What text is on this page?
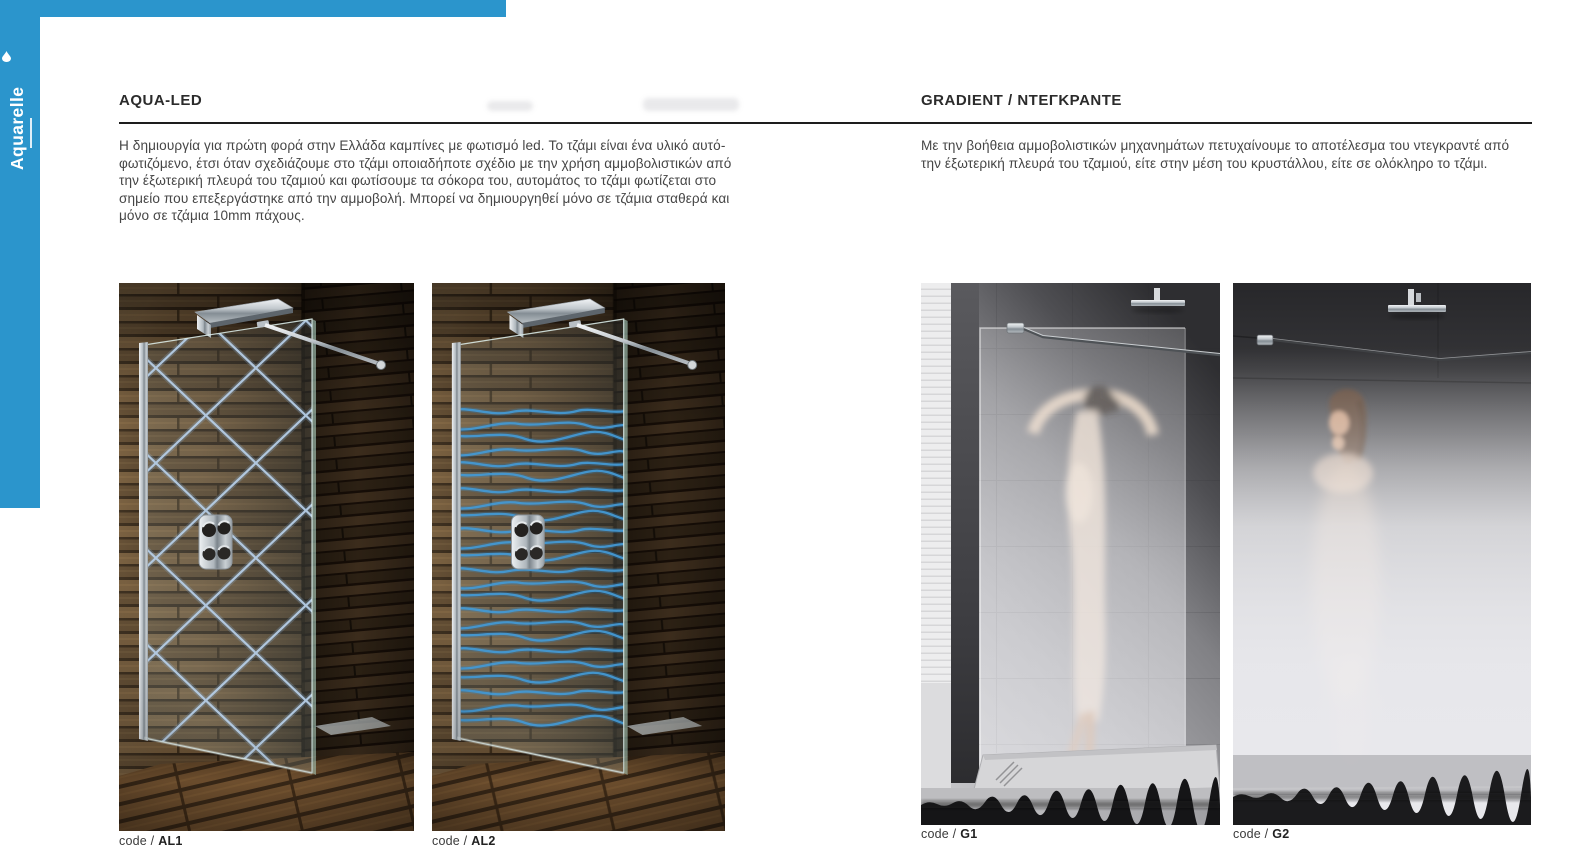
Aquarelle	AQUA-LED	GRADIENT / ΝΤΕΓΚΡΑΝΤΕ
Η δημιουργία για πρώτη φορά στην Ελλάδα καμπίνες με φωτισμό led. Το τζάμι είναι ένα υλικό αυτό-φωτιζόμενο, έτσι όταν σχεδιάζουμε στο τζάμι οποιαδήποτε σχέδιο με την χρήση αμμοβολιστικών από την έξωτερική πλευρά του τζαμιού και φωτίσουμε τα σόκορα του, αυτομάτος το τζάμι φωτίζεται στο σημείο που επεξεργάστηκε από την αμμοβολή. Μπορεί να δημιουργηθεί μόνο σε τζάμια σταθερά και μόνο σε τζάμια 10mm πάχους.
Με την βοήθεια αμμοβολιστικών μηχανημάτων πετυχαίνουμε το αποτέλεσμα του ντεγκραντέ από την έξωτερική πλευρά του τζαμιού, είτε στην μέση του κρυστάλλου, είτε σε ολόκληρο το τζάμι.
code / AL1	code / AL2	code / G1	code / G2
